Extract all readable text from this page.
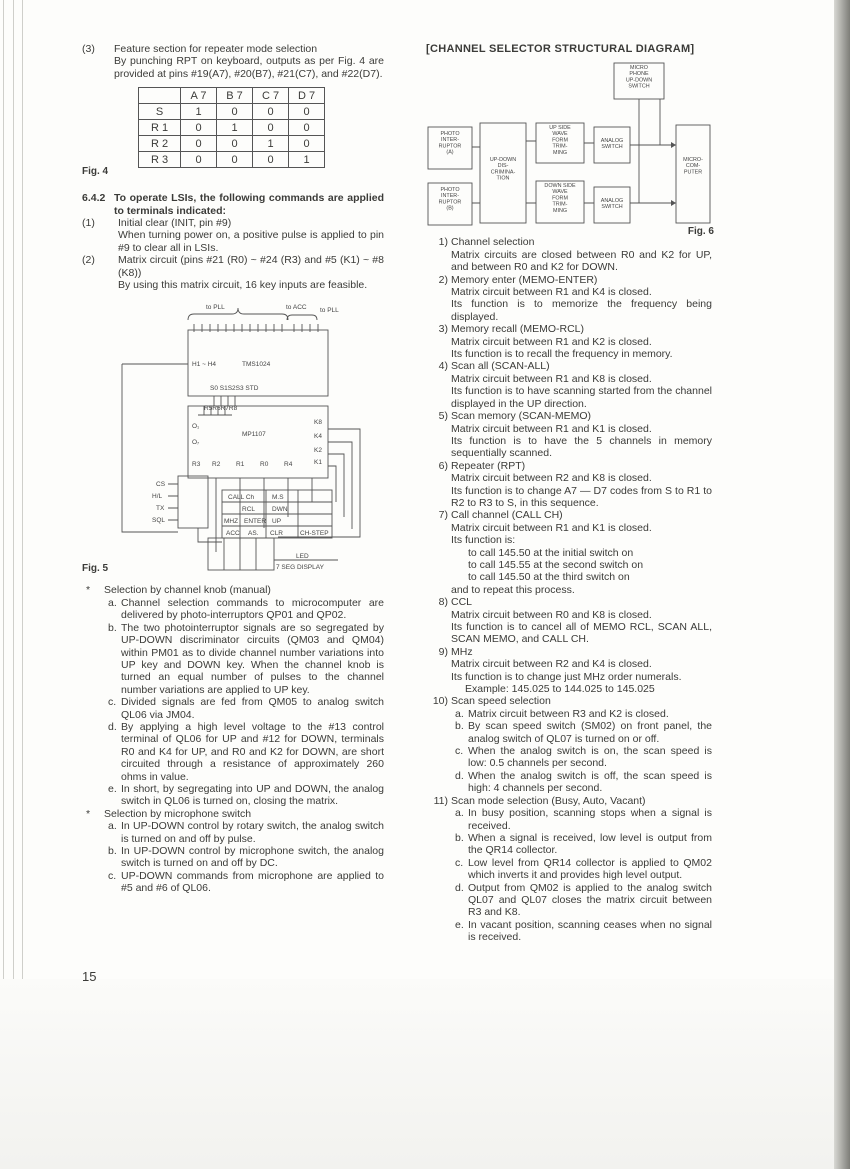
(3) Feature section for repeater mode selection

By punching RPT on keyboard, outputs as per Fig. 4 are provided at pins #19(A7), #20(B7), #21(C7), and #22(D7).

	A 7	B 7	C 7	D 7
S	1	0	0	0
R 1	0	1	0	0
R 2	0	0	1	0
R 3	0	0	0	1
Fig. 4
6.4.2 To operate LSIs, the following commands are applied to terminals indicated:

(1) Initial clear (INIT, pin #9)

When turning power on, a positive pulse is applied to pin #9 to clear all in LSIs.

(2) Matrix circuit (pins #21 (R0) ~ #24 (R3) and #5 (K1) ~ #8 (K8))

By using this matrix circuit, 16 key inputs are feasible.

to PLL	to ACC to PLL
H1 ~ H4	TMS1024
S0 S1S2S3 STD
R5R6R7R8
MP1107
K8
K4
K2
K1
O₁
O₇
R3 R2 R1 R0 R4
CS
H/L
TX
SQL
CALL Ch	M.S
RCL	DWN
MHZ ENTER UP
ACC AS. CLR	CH-STEP
LED
7 SEG DISPLAY
Fig. 5
* Selection by channel knob (manual)

a. Channel selection commands to microcomputer are delivered by photo-interruptors QP01 and QP02.

b. The two photointerruptor signals are so segregated by UP-DOWN discriminator circuits (QM03 and QM04) within PM01 as to divide channel number variations into UP key and DOWN key. When the channel knob is turned an equal number of pulses to the channel number variations are applied to UP key.

c. Divided signals are fed from QM05 to analog switch QL06 via JM04.

d. By applying a high level voltage to the #13 control terminal of QL06 for UP and #12 for DOWN, terminals R0 and K4 for UP, and R0 and K2 for DOWN, are short circuited through a resistance of approximately 260 ohms in value.

e. In short, by segregating into UP and DOWN, the analog switch in QL06 is turned on, closing the matrix.

* Selection by microphone switch

a. In UP-DOWN control by rotary switch, the analog switch is turned on and off by pulse.

b. In UP-DOWN control by microphone switch, the analog switch is turned on and off by DC.

c. UP-DOWN commands from microphone are applied to #5 and #6 of QL06.

15
[CHANNEL SELECTOR STRUCTURAL DIAGRAM]
MICRO
PHONE
UP-DOWN
SWITCH
PHOTO
INTER-
RUPTOR
(A)
PHOTO
INTER-
RUPTOR
(B)
UP-DOWN
DIS-
CRIMINA-
TION
UP SIDE
WAVE
FORM
TRIM-
MING
DOWN SIDE
WAVE
FORM
TRIM-
MING
ANALOG
SWITCH
ANALOG
SWITCH
MICRO-
COM-
PUTER
Fig. 6
1) Channel selection

Matrix circuits are closed between R0 and K2 for UP, and between R0 and K2 for DOWN.

2) Memory enter (MEMO-ENTER)

Matrix circuit between R1 and K4 is closed.

Its function is to memorize the frequency being displayed.

3) Memory recall (MEMO-RCL)

Matrix circuit between R1 and K2 is closed.

Its function is to recall the frequency in memory.

4) Scan all (SCAN-ALL)

Matrix circuit between R1 and K8 is closed.

Its function is to have scanning started from the channel displayed in the UP direction.

5) Scan memory (SCAN-MEMO)

Matrix circuit between R1 and K1 is closed.

Its function is to have the 5 channels in memory sequentially scanned.

6) Repeater (RPT)

Matrix circuit between R2 and K8 is closed.

Its function is to change A7 — D7 codes from S to R1 to R2 to R3 to S, in this sequence.

7) Call channel (CALL CH)

Matrix circuit between R1 and K1 is closed.

Its function is:

to call 145.50 at the initial switch on

to call 145.55 at the second switch on

to call 145.50 at the third switch on

and to repeat this process.

8) CCL

Matrix circuit between R0 and K8 is closed.

Its function is to cancel all of MEMO RCL, SCAN ALL, SCAN MEMO, and CALL CH.

9) MHz

Matrix circuit between R2 and K4 is closed.

Its function is to change just MHz order numerals.

Example: 145.025 to 144.025 to 145.025

10) Scan speed selection

a. Matrix circuit between R3 and K2 is closed.

b. By scan speed switch (SM02) on front panel, the analog switch of QL07 is turned on or off.

c. When the analog switch is on, the scan speed is low: 0.5 channels per second.

d. When the analog switch is off, the scan speed is high: 4 channels per second.

11) Scan mode selection (Busy, Auto, Vacant)

a. In busy position, scanning stops when a signal is received.

b. When a signal is received, low level is output from the QR14 collector.

c. Low level from QR14 collector is applied to QM02 which inverts it and provides high level output.

d. Output from QM02 is applied to the analog switch QL07 and QL07 closes the matrix circuit between R3 and K8.

e. In vacant position, scanning ceases when no signal is received.
